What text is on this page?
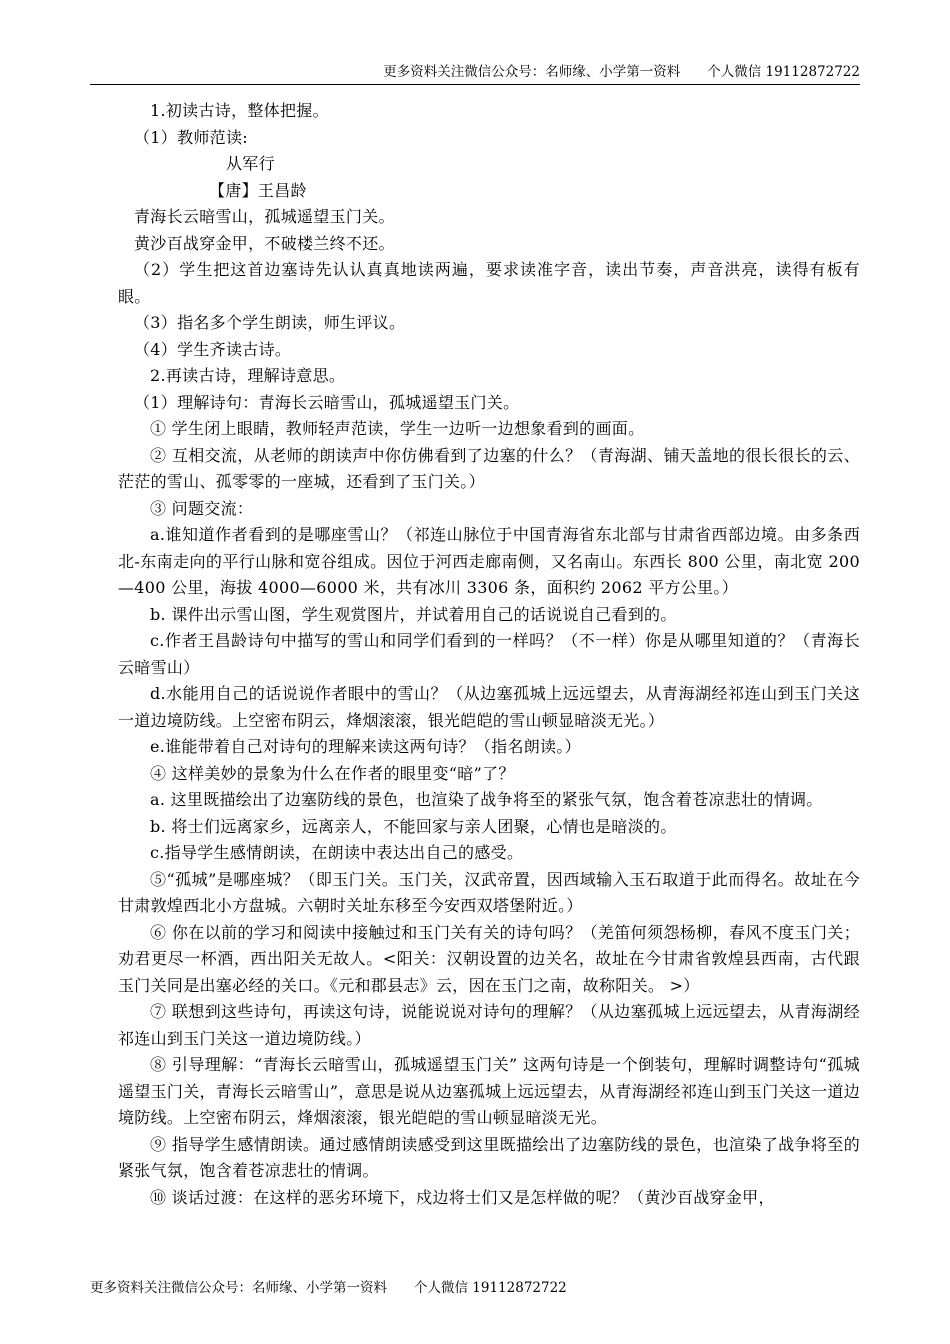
更多资料关注微信公众号：名师缘、小学第一资料　　个人微信 19112872722

1.初读古诗，整体把握。

（1）教师范读:

从军行

【唐】王昌龄

青海长云暗雪山，孤城遥望玉门关。

黄沙百战穿金甲，不破楼兰终不还。

（2）学生把这首边塞诗先认认真真地读两遍，要求读准字音，读出节奏，声音洪亮，读得有板有眼。

（3）指名多个学生朗读，师生评议。

（4）学生齐读古诗。

2.再读古诗，理解诗意思。

（1）理解诗句：青海长云暗雪山，孤城遥望玉门关。

① 学生闭上眼睛，教师轻声范读，学生一边听一边想象看到的画面。

② 互相交流，从老师的朗读声中你仿佛看到了边塞的什么？（青海湖、铺天盖地的很长很长的云、茫茫的雪山、孤零零的一座城，还看到了玉门关。）

③ 问题交流：

a.谁知道作者看到的是哪座雪山？（祁连山脉位于中国青海省东北部与甘肃省西部边境。由多条西北-东南走向的平行山脉和宽谷组成。因位于河西走廊南侧，又名南山。东西长 800 公里，南北宽 200—400 公里，海拔 4000—6000 米，共有冰川 3306 条，面积约 2062 平方公里。）

b. 课件出示雪山图，学生观赏图片，并试着用自己的话说说自己看到的。

c.作者王昌龄诗句中描写的雪山和同学们看到的一样吗？（不一样）你是从哪里知道的？（青海长云暗雪山）

d.水能用自己的话说说作者眼中的雪山？（从边塞孤城上远远望去，从青海湖经祁连山到玉门关这一道边境防线。上空密布阴云，烽烟滚滚，银光皑皑的雪山顿显暗淡无光。）

e.谁能带着自己对诗句的理解来读这两句诗？（指名朗读。）

④ 这样美妙的景象为什么在作者的眼里变“暗”了？

a. 这里既描绘出了边塞防线的景色，也渲染了战争将至的紧张气氛，饱含着苍凉悲壮的情调。

b. 将士们远离家乡，远离亲人，不能回家与亲人团聚，心情也是暗淡的。

c.指导学生感情朗读，在朗读中表达出自己的感受。

⑤“孤城”是哪座城？（即玉门关。玉门关，汉武帝置，因西域输入玉石取道于此而得名。故址在今甘肃敦煌西北小方盘城。六朝时关址东移至今安西双塔堡附近。）

⑥ 你在以前的学习和阅读中接触过和玉门关有关的诗句吗？（羌笛何须怨杨柳，春风不度玉门关；劝君更尽一杯酒，西出阳关无故人。<阳关：汉朝设置的边关名，故址在今甘肃省敦煌县西南，古代跟玉门关同是出塞必经的关口。《元和郡县志》云，因在玉门之南，故称阳关。 >）

⑦ 联想到这些诗句，再读这句诗，说能说说对诗句的理解？（从边塞孤城上远远望去，从青海湖经祁连山到玉门关这一道边境防线。）

⑧ 引导理解：“青海长云暗雪山，孤城遥望玉门关” 这两句诗是一个倒装句，理解时调整诗句“孤城遥望玉门关，青海长云暗雪山”，意思是说从边塞孤城上远远望去，从青海湖经祁连山到玉门关这一道边境防线。上空密布阴云，烽烟滚滚，银光皑皑的雪山顿显暗淡无光。

⑨ 指导学生感情朗读。通过感情朗读感受到这里既描绘出了边塞防线的景色，也渲染了战争将至的紧张气氛，饱含着苍凉悲壮的情调。

⑩ 谈话过渡：在这样的恶劣环境下，戍边将士们又是怎样做的呢？（黄沙百战穿金甲，

更多资料关注微信公众号：名师缘、小学第一资料　　个人微信 19112872722
